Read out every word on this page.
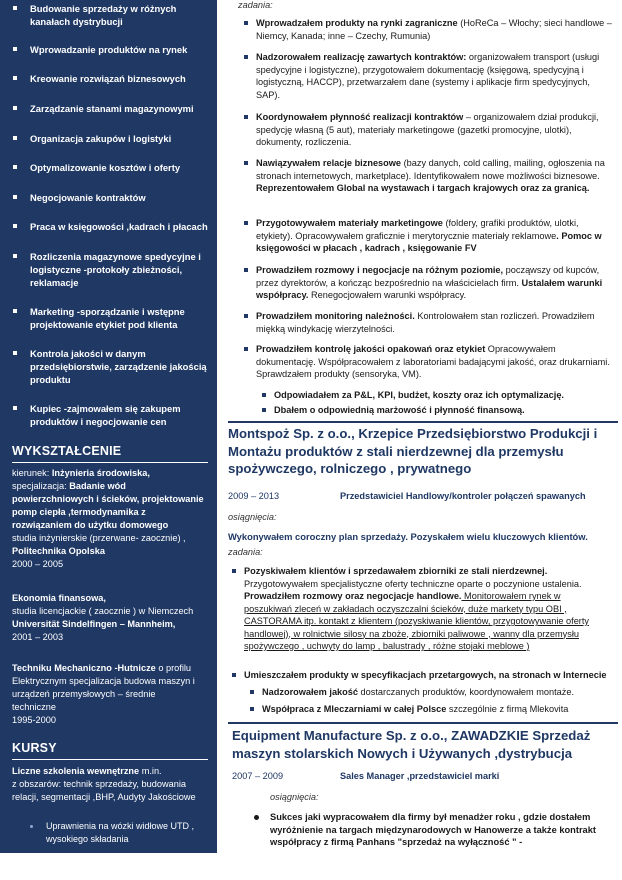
Budowanie sprzedaży w różnych kanałach dystrybucji
Wprowadzanie produktów na rynek
Kreowanie rozwiązań biznesowych
Zarządzanie stanami magazynowymi
Organizacja zakupów i logistyki
Optymalizowanie kosztów i oferty
Negocjowanie kontraktów
Praca w księgowości ,kadrach i płacach
Rozliczenia magazynowe spedycyjne i logistyczne -protokoły zbieżności, reklamacje
Marketing -sporządzanie i wstępne projektowanie etykiet pod klienta
Kontrola jakości w danym przedsiębiorstwie, zarządzenie jakością produktu
Kupiec -zajmowałem się zakupem produktów i negocjowanie cen
WYKSZTAŁCENIE
kierunek: Inżynieria środowiska,
specjalizacja: Badanie wód
powierzchniowych i ścieków, projektowanie
pomp ciepła ,termodynamika z
rozwiązaniem do użytku domowego
studia inżynierskie (przerwane- zaocznie) ,
Politechnika Opolska
2000 – 2005
Ekonomia finansowa,
studia licencjackie ( zaocznie ) w Niemczech
Universität Sindelfingen – Mannheim,
2001 – 2003
Techniku Mechaniczno -Hutnicze o profilu
Elektrycznym specjalizacja budowa maszyn i
urządzeń przemysłowych – średnie
techniczne
1995-2000
KURSY
Liczne szkolenia wewnętrzne m.in.
z obszarów: technik sprzedaży, budowania
relacji, segmentacji ,BHP, Audyty Jakościowe
Uprawnienia na wózki widłowe UTD ,
wysokiego składania
zadania:
Wprowadzałem produkty na rynki zagraniczne (HoReCa – Włochy; sieci handlowe – Niemcy, Kanada; inne – Czechy, Rumunia)
Nadzorowałem realizację zawartych kontraktów: organizowałem transport (usługi spedycyjne i logistyczne), przygotowałem dokumentację (księgową, spedycyjną i logistyczną, HACCP), przetwarzałem dane (systemy i aplikacje firm spedycyjnych, SAP).
Koordynowałem płynność realizacji kontraktów – organizowałem dział produkcji, spedycję własną (5 aut), materiały marketingowe (gazetki promocyjne, ulotki), dokumenty, rozliczenia.
Nawiązywałem relacje biznesowe (bazy danych, cold calling, mailing, ogłoszenia na stronach internetowych, marketplace). Identyfikowałem nowe możliwości biznesowe. Reprezentowałem Global na wystawach i targach krajowych oraz za granicą.
Przygotowywałem materiały marketingowe (foldery, grafiki produktów, ulotki, etykiety). Opracowywałem graficznie i merytorycznie materiały reklamowe. Pomoc w księgowości w płacach , kadrach , księgowanie FV
Prowadziłem rozmowy i negocjacje na różnym poziomie, począwszy od kupców, przez dyrektorów, a kończąc bezpośrednio na właścicielach firm. Ustalałem warunki współpracy. Renegocjowałem warunki współpracy.
Prowadziłem monitoring należności. Kontrolowałem stan rozliczeń. Prowadziłem miękką windykację wierzytelności.
Prowadziłem kontrolę jakości opakowań oraz etykiet Opracowywałem dokumentację. Współpracowałem z laboratoriami badającymi jakość, oraz drukarniami. Sprawdzałem produkty (sensoryka, VM).
Odpowiadałem za P&L, KPI, budżet, koszty oraz ich optymalizację.
Dbałem o odpowiednią marżowość i płynność finansową.
Montspoż Sp. z o.o., Krzepice Przedsiębiorstwo Produkcji i
Montażu produktów z stali nierdzewnej dla przemysłu
spożywczego, rolniczego , prywatnego
2009 – 2013	Przedstawiciel Handlowy/kontroler połączeń spawanych
osiągnięcia:
Wykonywałem coroczny plan sprzedaży. Pozyskałem wielu kluczowych klientów.
zadania:
Pozyskiwałem klientów i sprzedawałem zbiorniki ze stali nierdzewnej.
Przygotowywałem specjalistyczne oferty techniczne oparte o poczynione ustalenia.
Prowadziłem rozmowy oraz negocjacje handlowe. Monitorowałem rynek w
poszukiwań zleceń w zakładach oczyszczalni ścieków, duże markety typu OBI ,
CASTORAMA itp. kontakt z klientem (pozyskiwanie klientów, przygotowywanie oferty
handlowej), w rolnictwie silosy na zboże, zbiorniki paliwowe , wanny dla przemysłu
spożywczego , uchwyty do lamp , balustrady , różne stojaki meblowe )
Umieszczałem produkty w specyfikacjach przetargowych, na stronach w Internecie
Nadzorowałem jakość dostarczanych produktów, koordynowałem montaże.
Współpraca z Mleczarniami w całej Polsce szczególnie z firmą Mlekovita
Equipment Manufacture Sp. z o.o., ZAWADZKIE Sprzedaż
maszyn stolarskich Nowych i Używanych ,dystrybucja
2007 – 2009	Sales Manager ,przedstawiciel marki
osiągnięcia:
Sukces jaki wypracowałem dla firmy był menadżer roku , gdzie dostałem
wyróżnienie na targach międzynarodowych w Hanowerze a także kontrakt
współpracy z firmą Panhans "sprzedaż na wyłączność " -
